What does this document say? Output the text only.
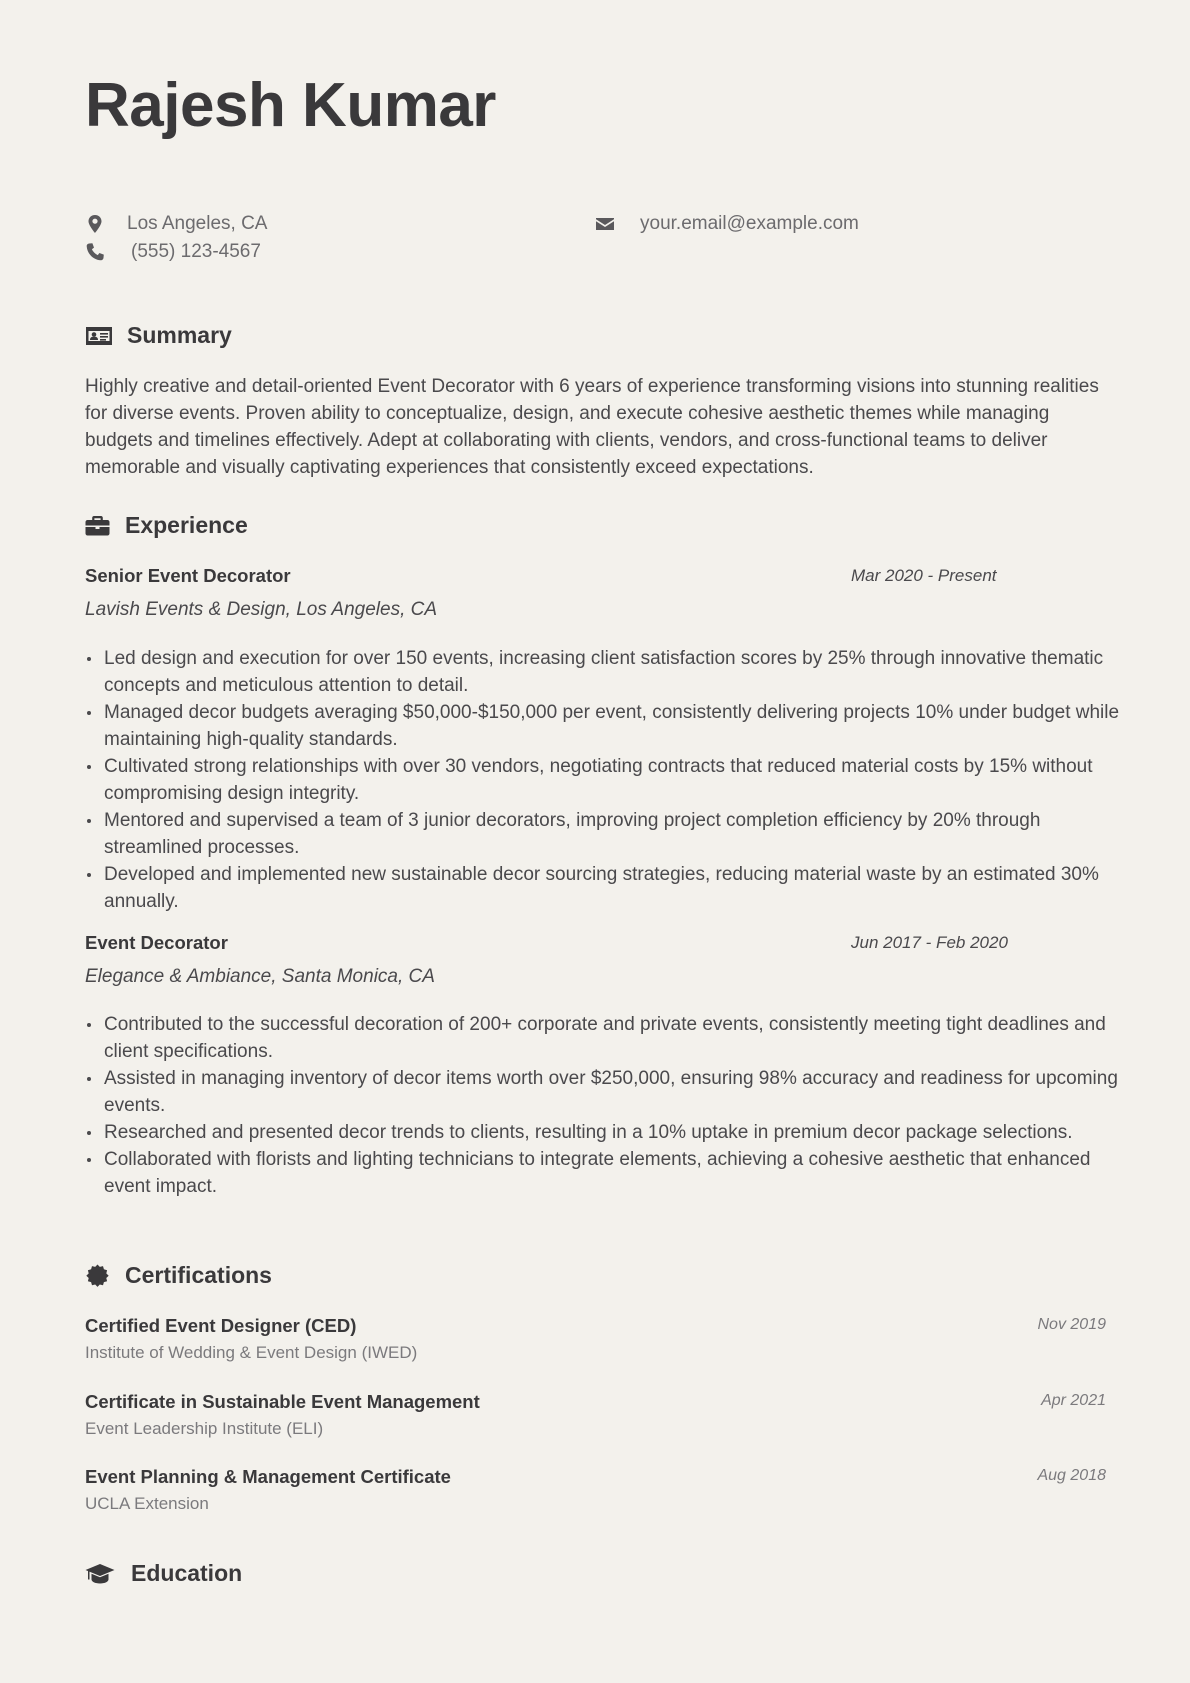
Rajesh Kumar
Los Angeles, CA
(555) 123-4567
your.email@example.com
Summary

Highly creative and detail-oriented Event Decorator with 6 years of experience transforming visions into stunning realities for diverse events. Proven ability to conceptualize, design, and execute cohesive aesthetic themes while managing budgets and timelines effectively. Adept at collaborating with clients, vendors, and cross-functional teams to deliver memorable and visually captivating experiences that consistently exceed expectations.

Experience
Senior Event Decorator	Mar 2020 - Present
Lavish Events & Design, Los Angeles, CA
Led design and execution for over 150 events, increasing client satisfaction scores by 25% through innovative thematic concepts and meticulous attention to detail.
Managed decor budgets averaging $50,000-$150,000 per event, consistently delivering projects 10% under budget while maintaining high-quality standards.
Cultivated strong relationships with over 30 vendors, negotiating contracts that reduced material costs by 15% without compromising design integrity.
Mentored and supervised a team of 3 junior decorators, improving project completion efficiency by 20% through streamlined processes.
Developed and implemented new sustainable decor sourcing strategies, reducing material waste by an estimated 30% annually.
Event Decorator	Jun 2017 - Feb 2020
Elegance & Ambiance, Santa Monica, CA
Contributed to the successful decoration of 200+ corporate and private events, consistently meeting tight deadlines and client specifications.
Assisted in managing inventory of decor items worth over $250,000, ensuring 98% accuracy and readiness for upcoming events.
Researched and presented decor trends to clients, resulting in a 10% uptake in premium decor package selections.
Collaborated with florists and lighting technicians to integrate elements, achieving a cohesive aesthetic that enhanced event impact.
Certifications
Certified Event Designer (CED)	Nov 2019
Institute of Wedding & Event Design (IWED)
Certificate in Sustainable Event Management	Apr 2021
Event Leadership Institute (ELI)
Event Planning & Management Certificate	Aug 2018
UCLA Extension
Education
